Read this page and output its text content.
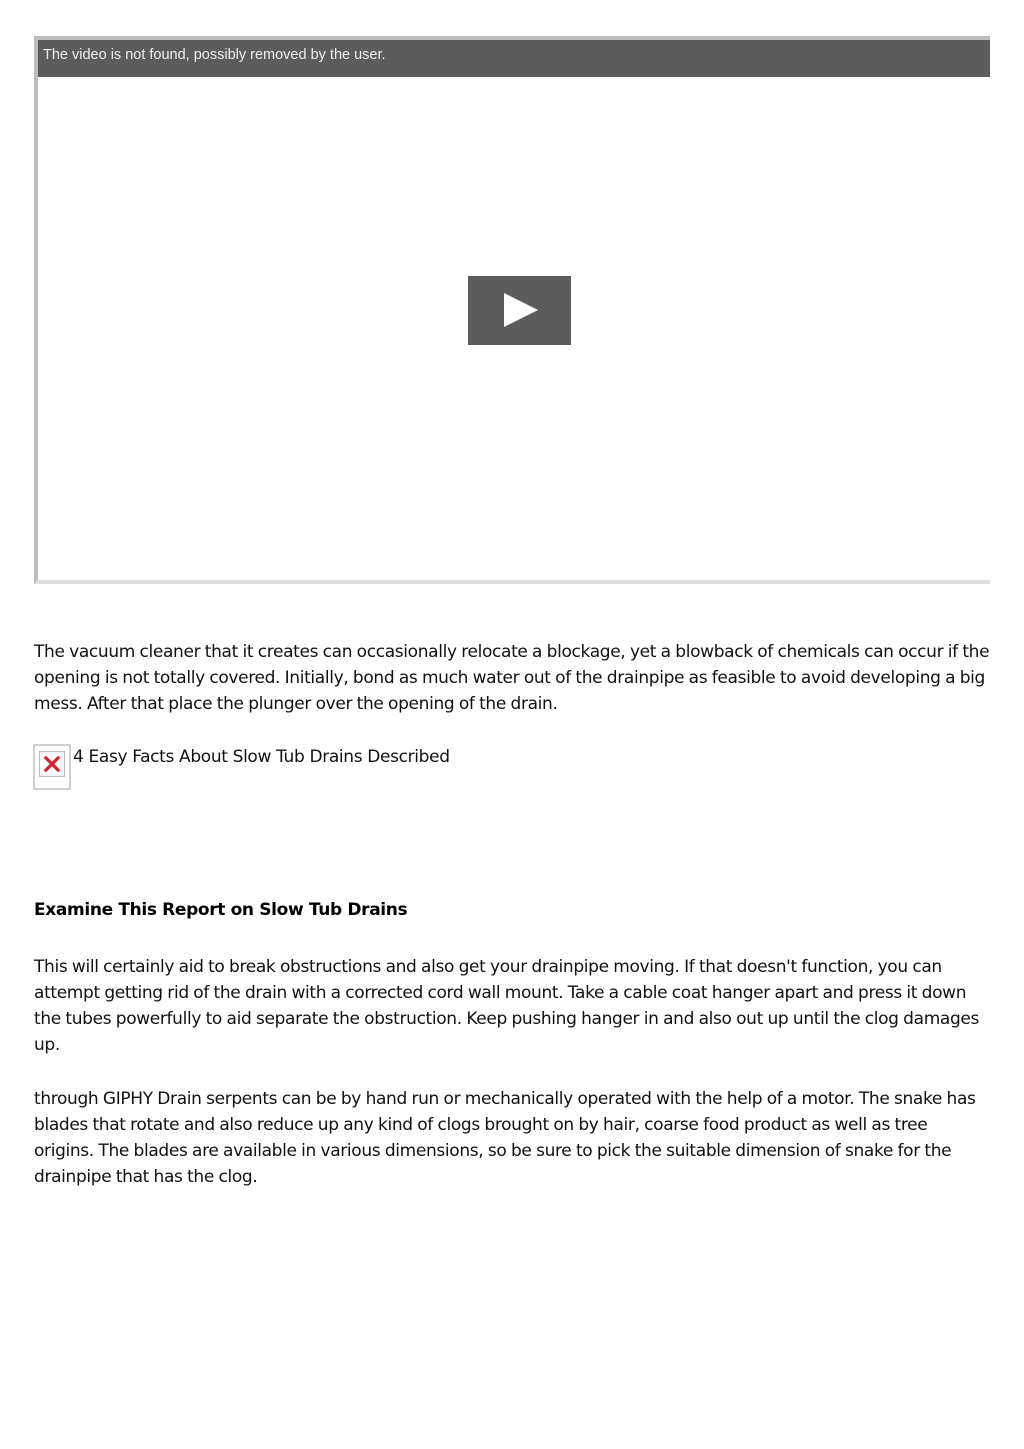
The video is not found, possibly removed by the user.

The vacuum cleaner that it creates can occasionally relocate a blockage, yet a blowback of chemicals can occur if the opening is not totally covered. Initially, bond as much water out of the drainpipe as feasible to avoid developing a big mess. After that place the plunger over the opening of the drain.

4 Easy Facts About Slow Tub Drains Described
Examine This Report on Slow Tub Drains

This will certainly aid to break obstructions and also get your drainpipe moving. If that doesn't function, you can attempt getting rid of the drain with a corrected cord wall mount. Take a cable coat hanger apart and press it down the tubes powerfully to aid separate the obstruction. Keep pushing hanger in and also out up until the clog damages up.

through GIPHY Drain serpents can be by hand run or mechanically operated with the help of a motor. The snake has blades that rotate and also reduce up any kind of clogs brought on by hair, coarse food product as well as tree origins. The blades are available in various dimensions, so be sure to pick the suitable dimension of snake for the drainpipe that has the clog.
